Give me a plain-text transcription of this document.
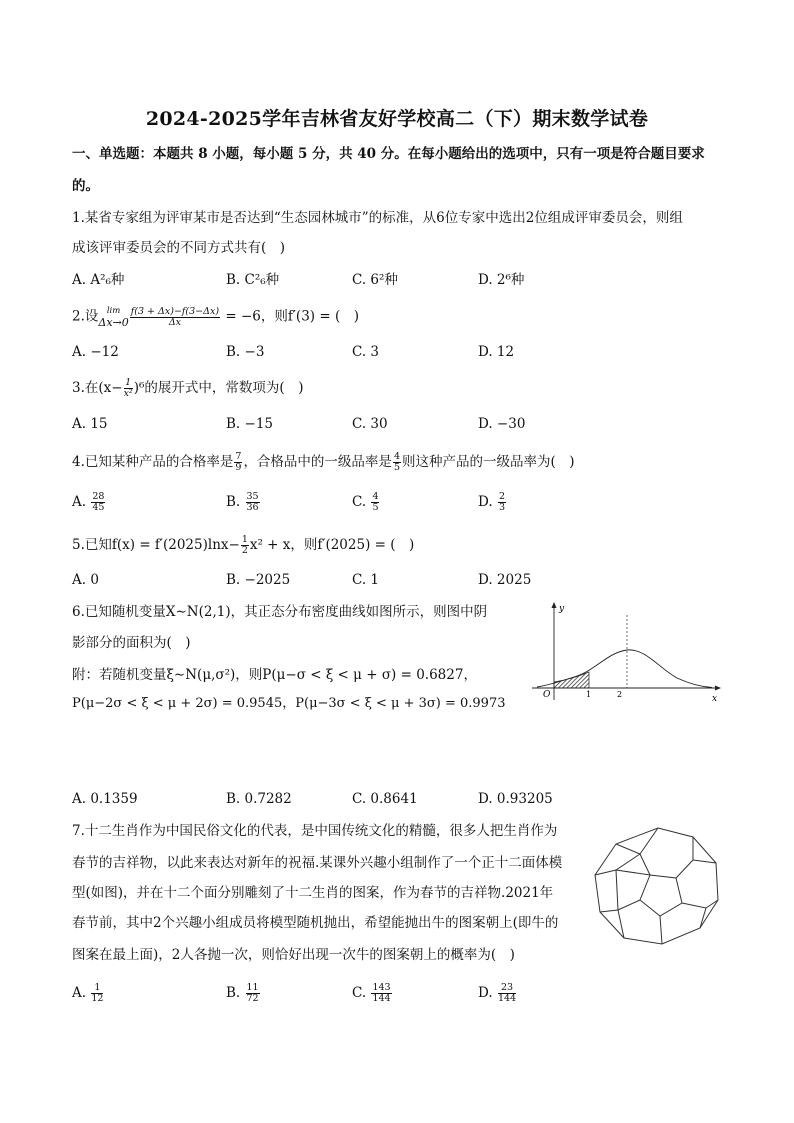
2024-2025学年吉林省友好学校高二（下）期末数学试卷
一、单选题：本题共 8 小题，每小题 5 分，共 40 分。在每小题给出的选项中，只有一项是符合题目要求
的。
1.某省专家组为评审某市是否达到“生态园林城市”的标准，从6位专家中选出2位组成评审委员会，则组
成该评审委员会的不同方式共有(　)
A. A²₆种	B. C²₆种	C. 6²种	D. 2⁶种
2.设 lim
$\Delta x\to 0 \frac{f(3 + \Delta x)-f(3-\Delta x)}{\Delta x} = -6$，则f′(3) = (　)
A. −12	B. −3	C. 3	D. 12
3.在$(x- \frac{1}{\text{x²}} )^6$的展开式中，常数项为(　)
A. 15	B. −15	C. 30	D. −30
4.已知某种产品的合格率是 $\frac{7}{9}$ ，合格品中的一级品率是 $\frac{4}{5}$ 则这种产品的一级品率为(　)
A. $\frac{28}{45}$	B. $\frac{35}{36}$	C. $\frac{4}{5}$	D. $\frac{2}{3}$
5.已知$f(x) = f'(2025)\ln x- \frac{1}{2} x^2 + x$，则f′(2025) = (　)
A. 0	B. −2025	C. 1	D. 2025
6.已知随机变量X∼N(2,1)，其正态分布密度曲线如图所示，则图中阴
影部分的面积为(　)
附：若随机变量ξ∼N(μ,σ²)，则P(μ−σ < ξ < μ + σ) = 0.6827，
P(μ−2σ < ξ < μ + 2σ) = 0.9545，P(μ−3σ < ξ < μ + 3σ) = 0.9973
y
x
O	1	2
A. 0.1359	B. 0.7282	C. 0.8641	D. 0.93205
7.十二生肖作为中国民俗文化的代表，是中国传统文化的精髓，很多人把生肖作为
春节的吉祥物，以此来表达对新年的祝福.某课外兴趣小组制作了一个正十二面体模
型(如图)，并在十二个面分别雕刻了十二生肖的图案，作为春节的吉祥物.2021年
春节前，其中2个兴趣小组成员将模型随机抛出，希望能抛出牛的图案朝上(即牛的
图案在最上面)，2人各抛一次，则恰好出现一次牛的图案朝上的概率为(　)
A. $\frac{1}{12}$	B. $\frac{11}{72}$	C. $\frac{143}{144}$	D. $\frac{23}{144}$
